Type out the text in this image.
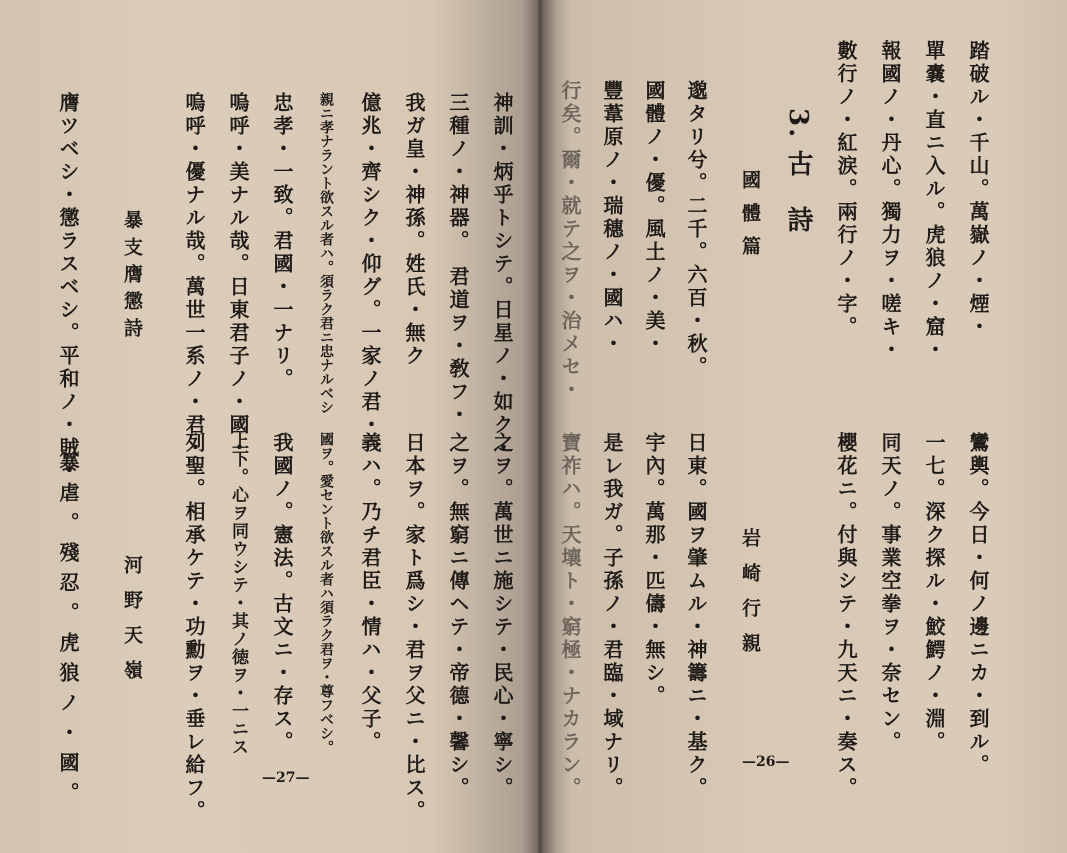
踏破ル・千山。萬嶽ノ・煙・
鸞輿。今日・何ノ邊ニカ・到ル。
單嚢・直ニ入ル。虎狼ノ・窟・
一七。深ク探ル・鮫鰐ノ・淵。
報國ノ・丹心。獨力ヲ・嗟キ・
同天ノ。事業空拳ヲ・奈セン。
數行ノ・紅涙。兩行ノ・字。
櫻花ニ。付與シテ・九天ニ・奏ス。
3. 古　詩
國體篇
岩崎行親
邈タリ兮。二千。六百・秋。
日東。國ヲ肇ムル・神籌ニ・基ク。
國體ノ・優。風土ノ・美・
宇內。萬那・匹儔・無シ。
豐葦原ノ・瑞穗ノ・國ハ・
是レ我ガ。子孫ノ・君臨・域ナリ。
行矣。爾・就テ之ヲ・治メセ・
寶祚ハ。天壤ト・窮極・ナカラン。	—26—
神訓・炳乎トシテ。日星ノ・如ク・
之ヲ。萬世ニ施シテ・民心・寧シ。
三種ノ・神器。　君道ヲ・敎フ・
之ヲ。無窮ニ傳ヘテ・帝德・馨シ。
我ガ皇・神孫。姓氏・無ク
日本ヲ。家ト爲シ・君ヲ父ニ・比ス。
億兆・齊シク・仰グ。一家ノ君・
義ハ。乃チ君臣・情ハ・父子。
親ニ孝ナラント欲スル者ハ。須ラク君ニ忠ナルベシ
國ヲ。愛セント欲スル者ハ須ラク君ヲ・尊フベシ。
忠孝・一致。君國・一ナリ。
我國ノ。憲法。古文ニ・存ス。
嗚呼・美ナル哉。日東君子ノ・國・
上下。心ヲ同ウシテ・其ノ徳ヲ・一ニス
嗚呼・優ナル哉。萬世一系ノ・君・
列聖。相承ケテ・功勳ヲ・垂レ給フ。
暴支膺懲詩
河野天嶺
膺ツベシ・懲ラスベシ。平和ノ・賊・
暴虐。殘忍。虎狼ノ・國。	—27—
